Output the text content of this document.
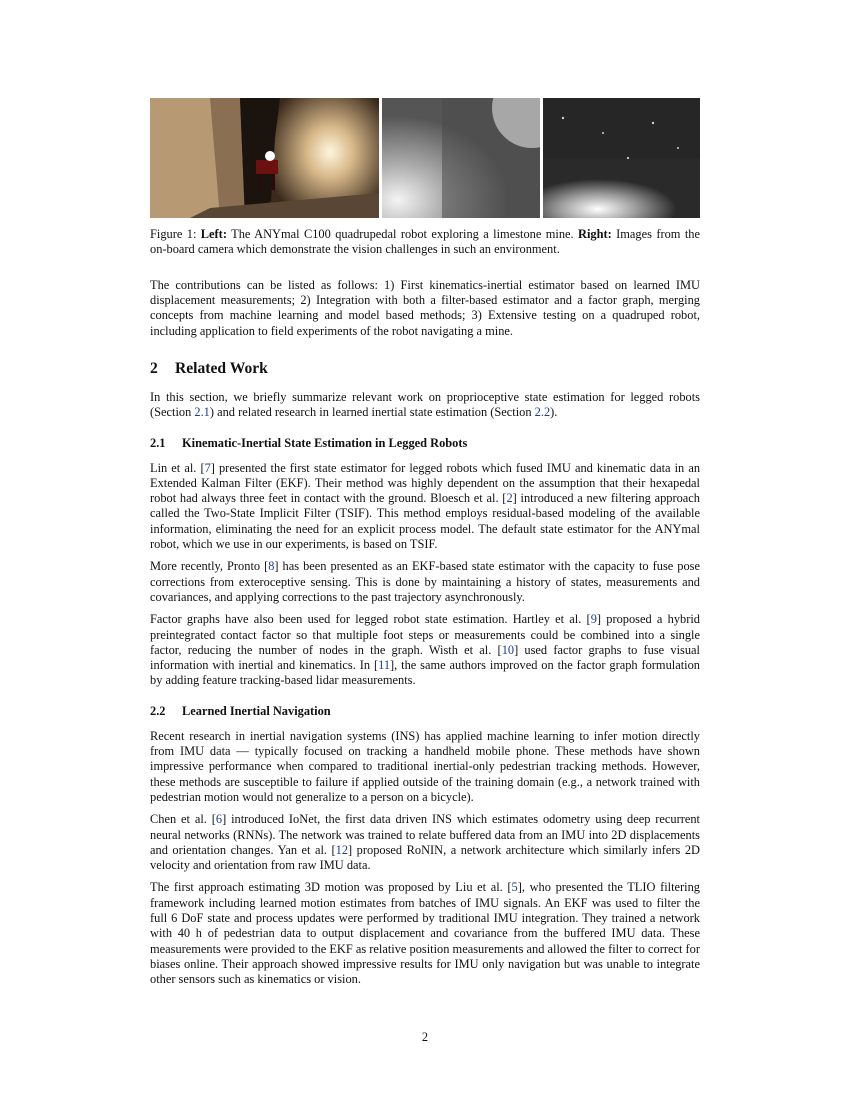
Figure 1: Left: The ANYmal C100 quadrupedal robot exploring a limestone mine. Right: Images from the on-board camera which demonstrate the vision challenges in such an environment.

The contributions can be listed as follows: 1) First kinematics-inertial estimator based on learned IMU displacement measurements; 2) Integration with both a filter-based estimator and a factor graph, merging concepts from machine learning and model based methods; 3) Extensive testing on a quadruped robot, including application to field experiments of the robot navigating a mine.

2 Related Work

In this section, we briefly summarize relevant work on proprioceptive state estimation for legged robots (Section 2.1) and related research in learned inertial state estimation (Section 2.2).

2.1 Kinematic-Inertial State Estimation in Legged Robots

Lin et al. [7] presented the first state estimator for legged robots which fused IMU and kinematic data in an Extended Kalman Filter (EKF). Their method was highly dependent on the assumption that their hexapedal robot had always three feet in contact with the ground. Bloesch et al. [2] introduced a new filtering approach called the Two-State Implicit Filter (TSIF). This method employs residual-based modeling of the available information, eliminating the need for an explicit process model. The default state estimator for the ANYmal robot, which we use in our experiments, is based on TSIF.

More recently, Pronto [8] has been presented as an EKF-based state estimator with the capacity to fuse pose corrections from exteroceptive sensing. This is done by maintaining a history of states, measurements and covariances, and applying corrections to the past trajectory asynchronously.

Factor graphs have also been used for legged robot state estimation. Hartley et al. [9] proposed a hybrid preintegrated contact factor so that multiple foot steps or measurements could be combined into a single factor, reducing the number of nodes in the graph. Wisth et al. [10] used factor graphs to fuse visual information with inertial and kinematics. In [11], the same authors improved on the factor graph formulation by adding feature tracking-based lidar measurements.

2.2 Learned Inertial Navigation

Recent research in inertial navigation systems (INS) has applied machine learning to infer motion directly from IMU data — typically focused on tracking a handheld mobile phone. These methods have shown impressive performance when compared to traditional inertial-only pedestrian tracking methods. However, these methods are susceptible to failure if applied outside of the training domain (e.g., a network trained with pedestrian motion would not generalize to a person on a bicycle).

Chen et al. [6] introduced IoNet, the first data driven INS which estimates odometry using deep recurrent neural networks (RNNs). The network was trained to relate buffered data from an IMU into 2D displacements and orientation changes. Yan et al. [12] proposed RoNIN, a network architecture which similarly infers 2D velocity and orientation from raw IMU data.

The first approach estimating 3D motion was proposed by Liu et al. [5], who presented the TLIO filtering framework including learned motion estimates from batches of IMU signals. An EKF was used to filter the full 6 DoF state and process updates were performed by traditional IMU integration. They trained a network with 40 h of pedestrian data to output displacement and covariance from the buffered IMU data. These measurements were provided to the EKF as relative position measurements and allowed the filter to correct for biases online. Their approach showed impressive results for IMU only navigation but was unable to integrate other sensors such as kinematics or vision.

2
